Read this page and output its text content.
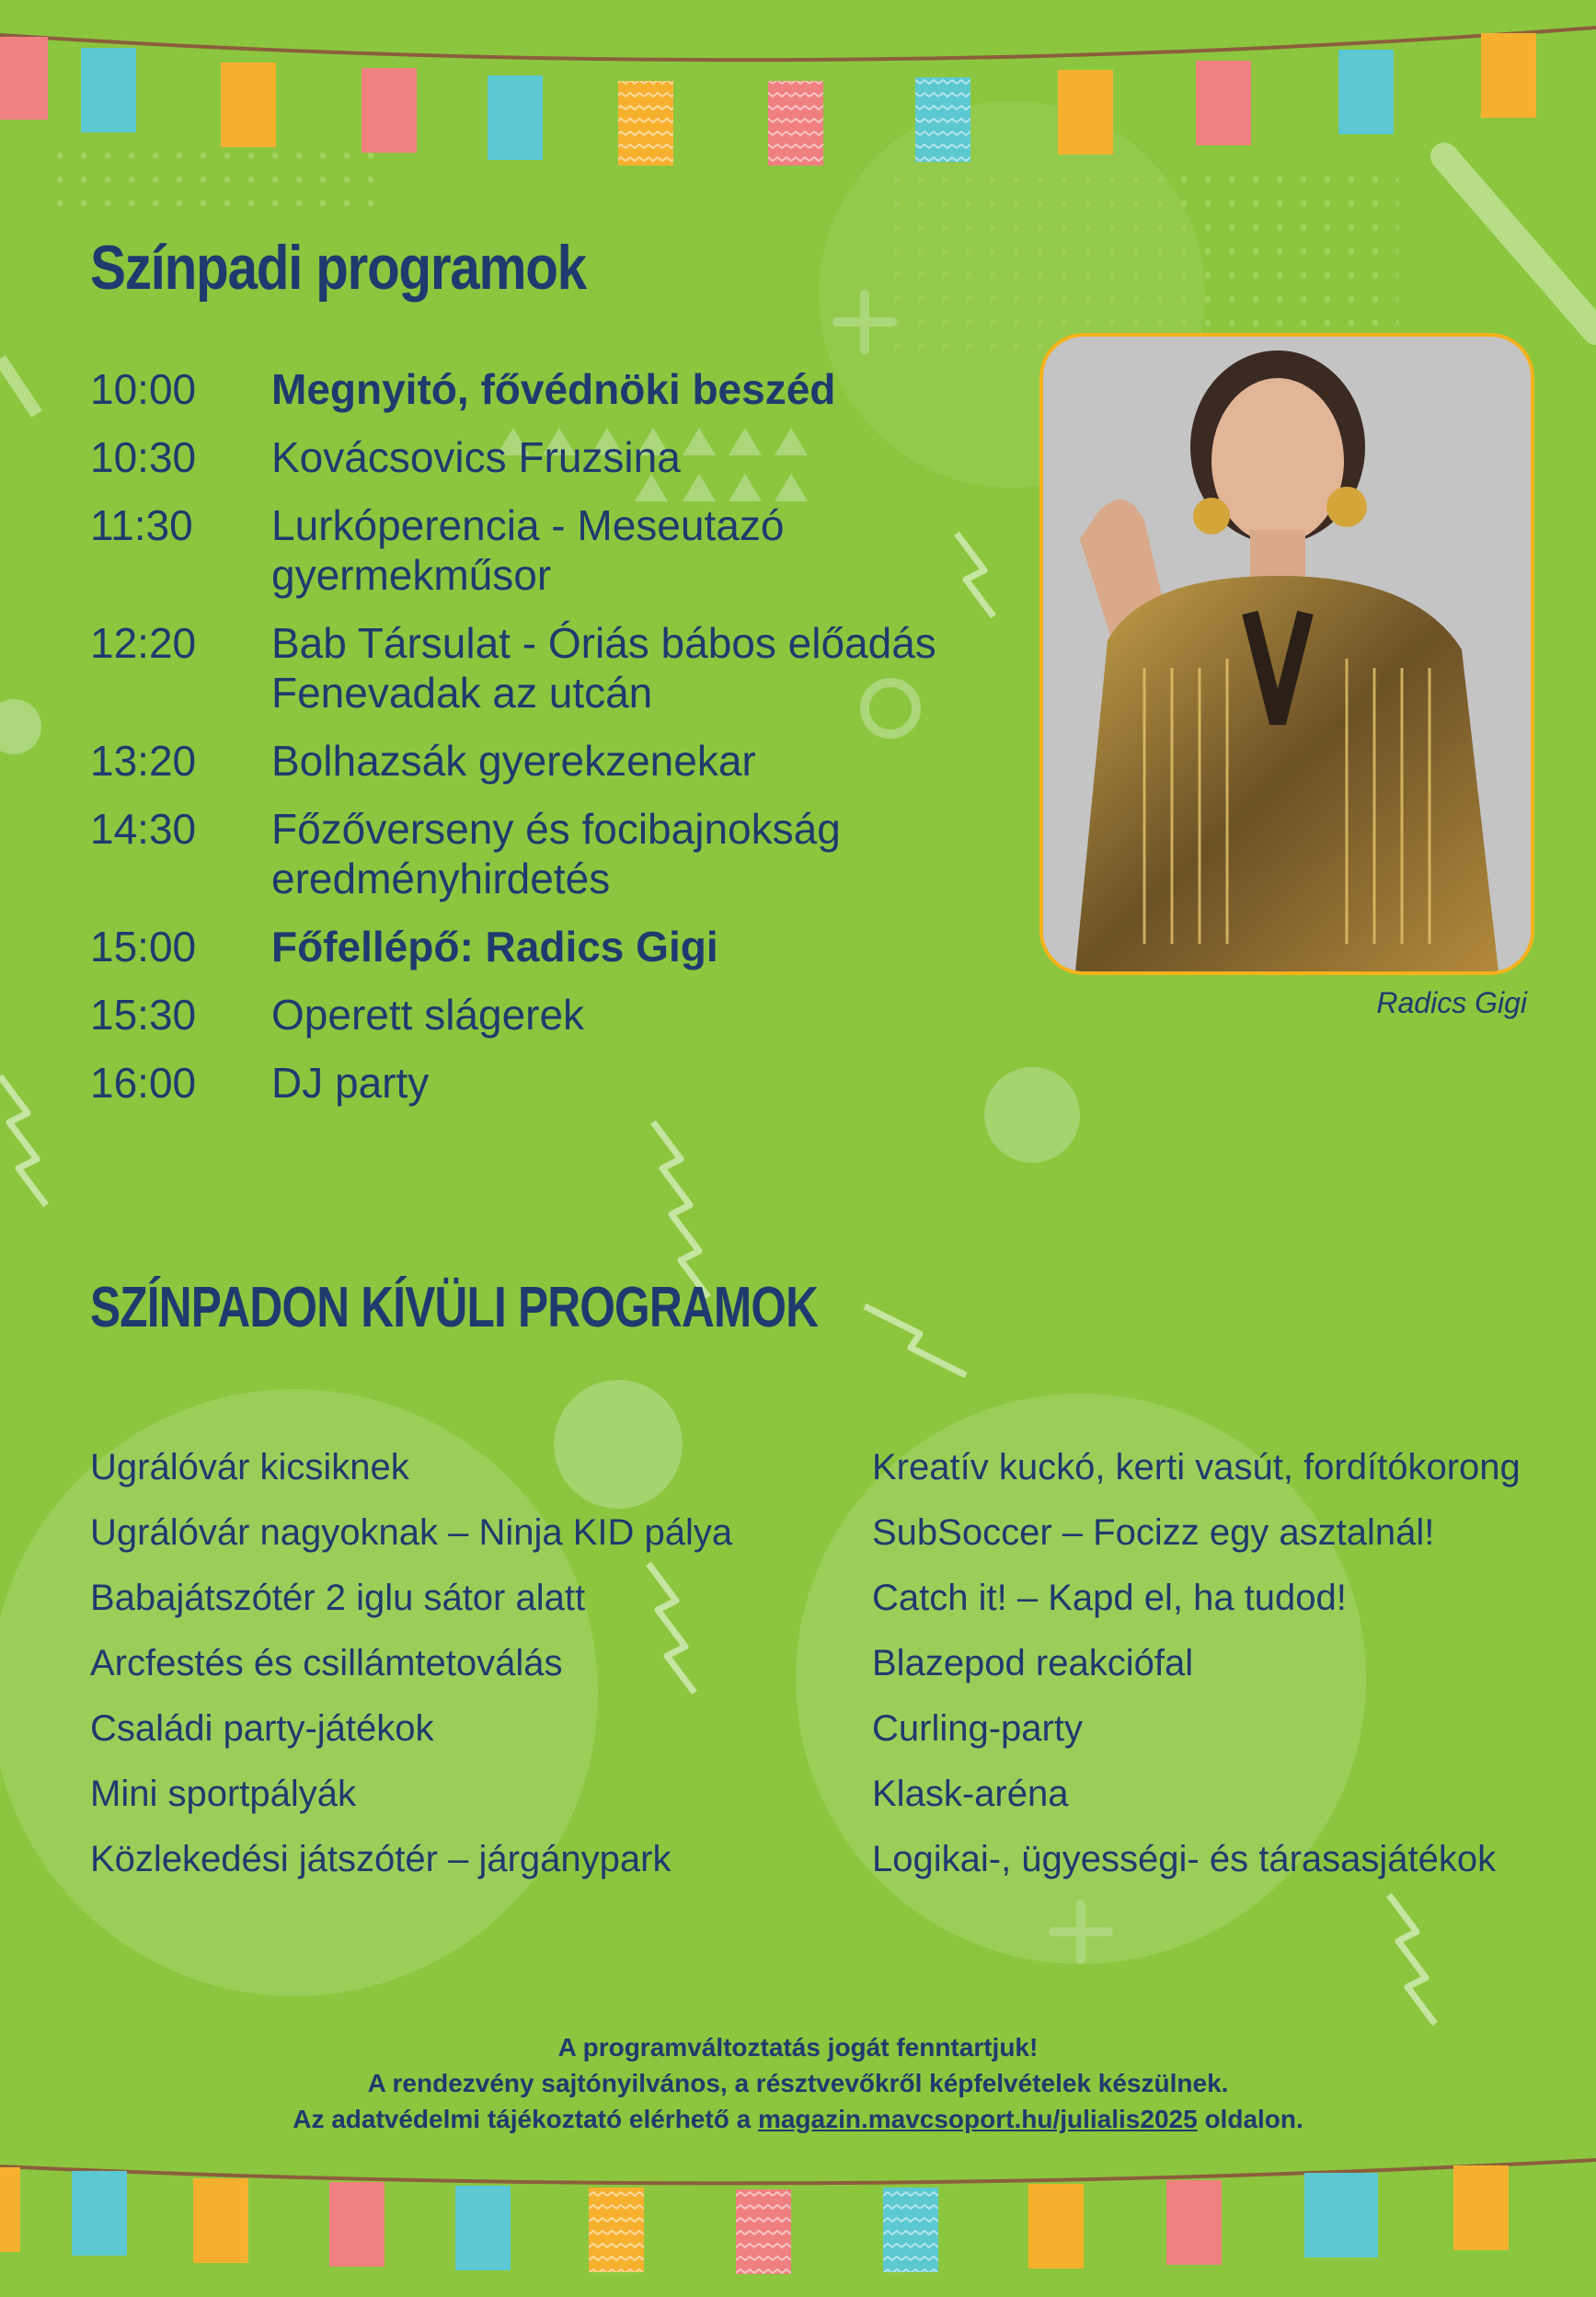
Színpadi programok
10:00	Megnyitó, fővédnöki beszéd
10:30	Kovácsovics Fruzsina
11:30	Lurkóperencia - Meseutazó gyermekműsor
12:20	Bab Társulat - Óriás bábos előadás Fenevadak az utcán
13:20	Bolhazsák gyerekzenekar
14:30	Főzőverseny és focibajnokság eredményhirdetés
15:00	Főfellépő: Radics Gigi
15:30	Operett slágerek
16:00	DJ party
Radics Gigi
SZÍNPADON KÍVÜLI PROGRAMOK
Ugrálóvár kicsiknek
Ugrálóvár nagyoknak – Ninja KID pálya
Babajátszótér 2 iglu sátor alatt
Arcfestés és csillámtetoválás
Családi party-játékok
Mini sportpályák
Közlekedési játszótér – járgánypark
Kreatív kuckó, kerti vasút, fordítókorong
SubSoccer – Focizz egy asztalnál!
Catch it! – Kapd el, ha tudod!
Blazepod reakciófal
Curling-party
Klask-aréna
Logikai-, ügyességi- és tárasasjátékok
A programváltoztatás jogát fenntartjuk!
A rendezvény sajtónyilvános, a résztvevőkről képfelvételek készülnek.
Az adatvédelmi tájékoztató elérhető a magazin.mavcsoport.hu/julialis2025 oldalon.
